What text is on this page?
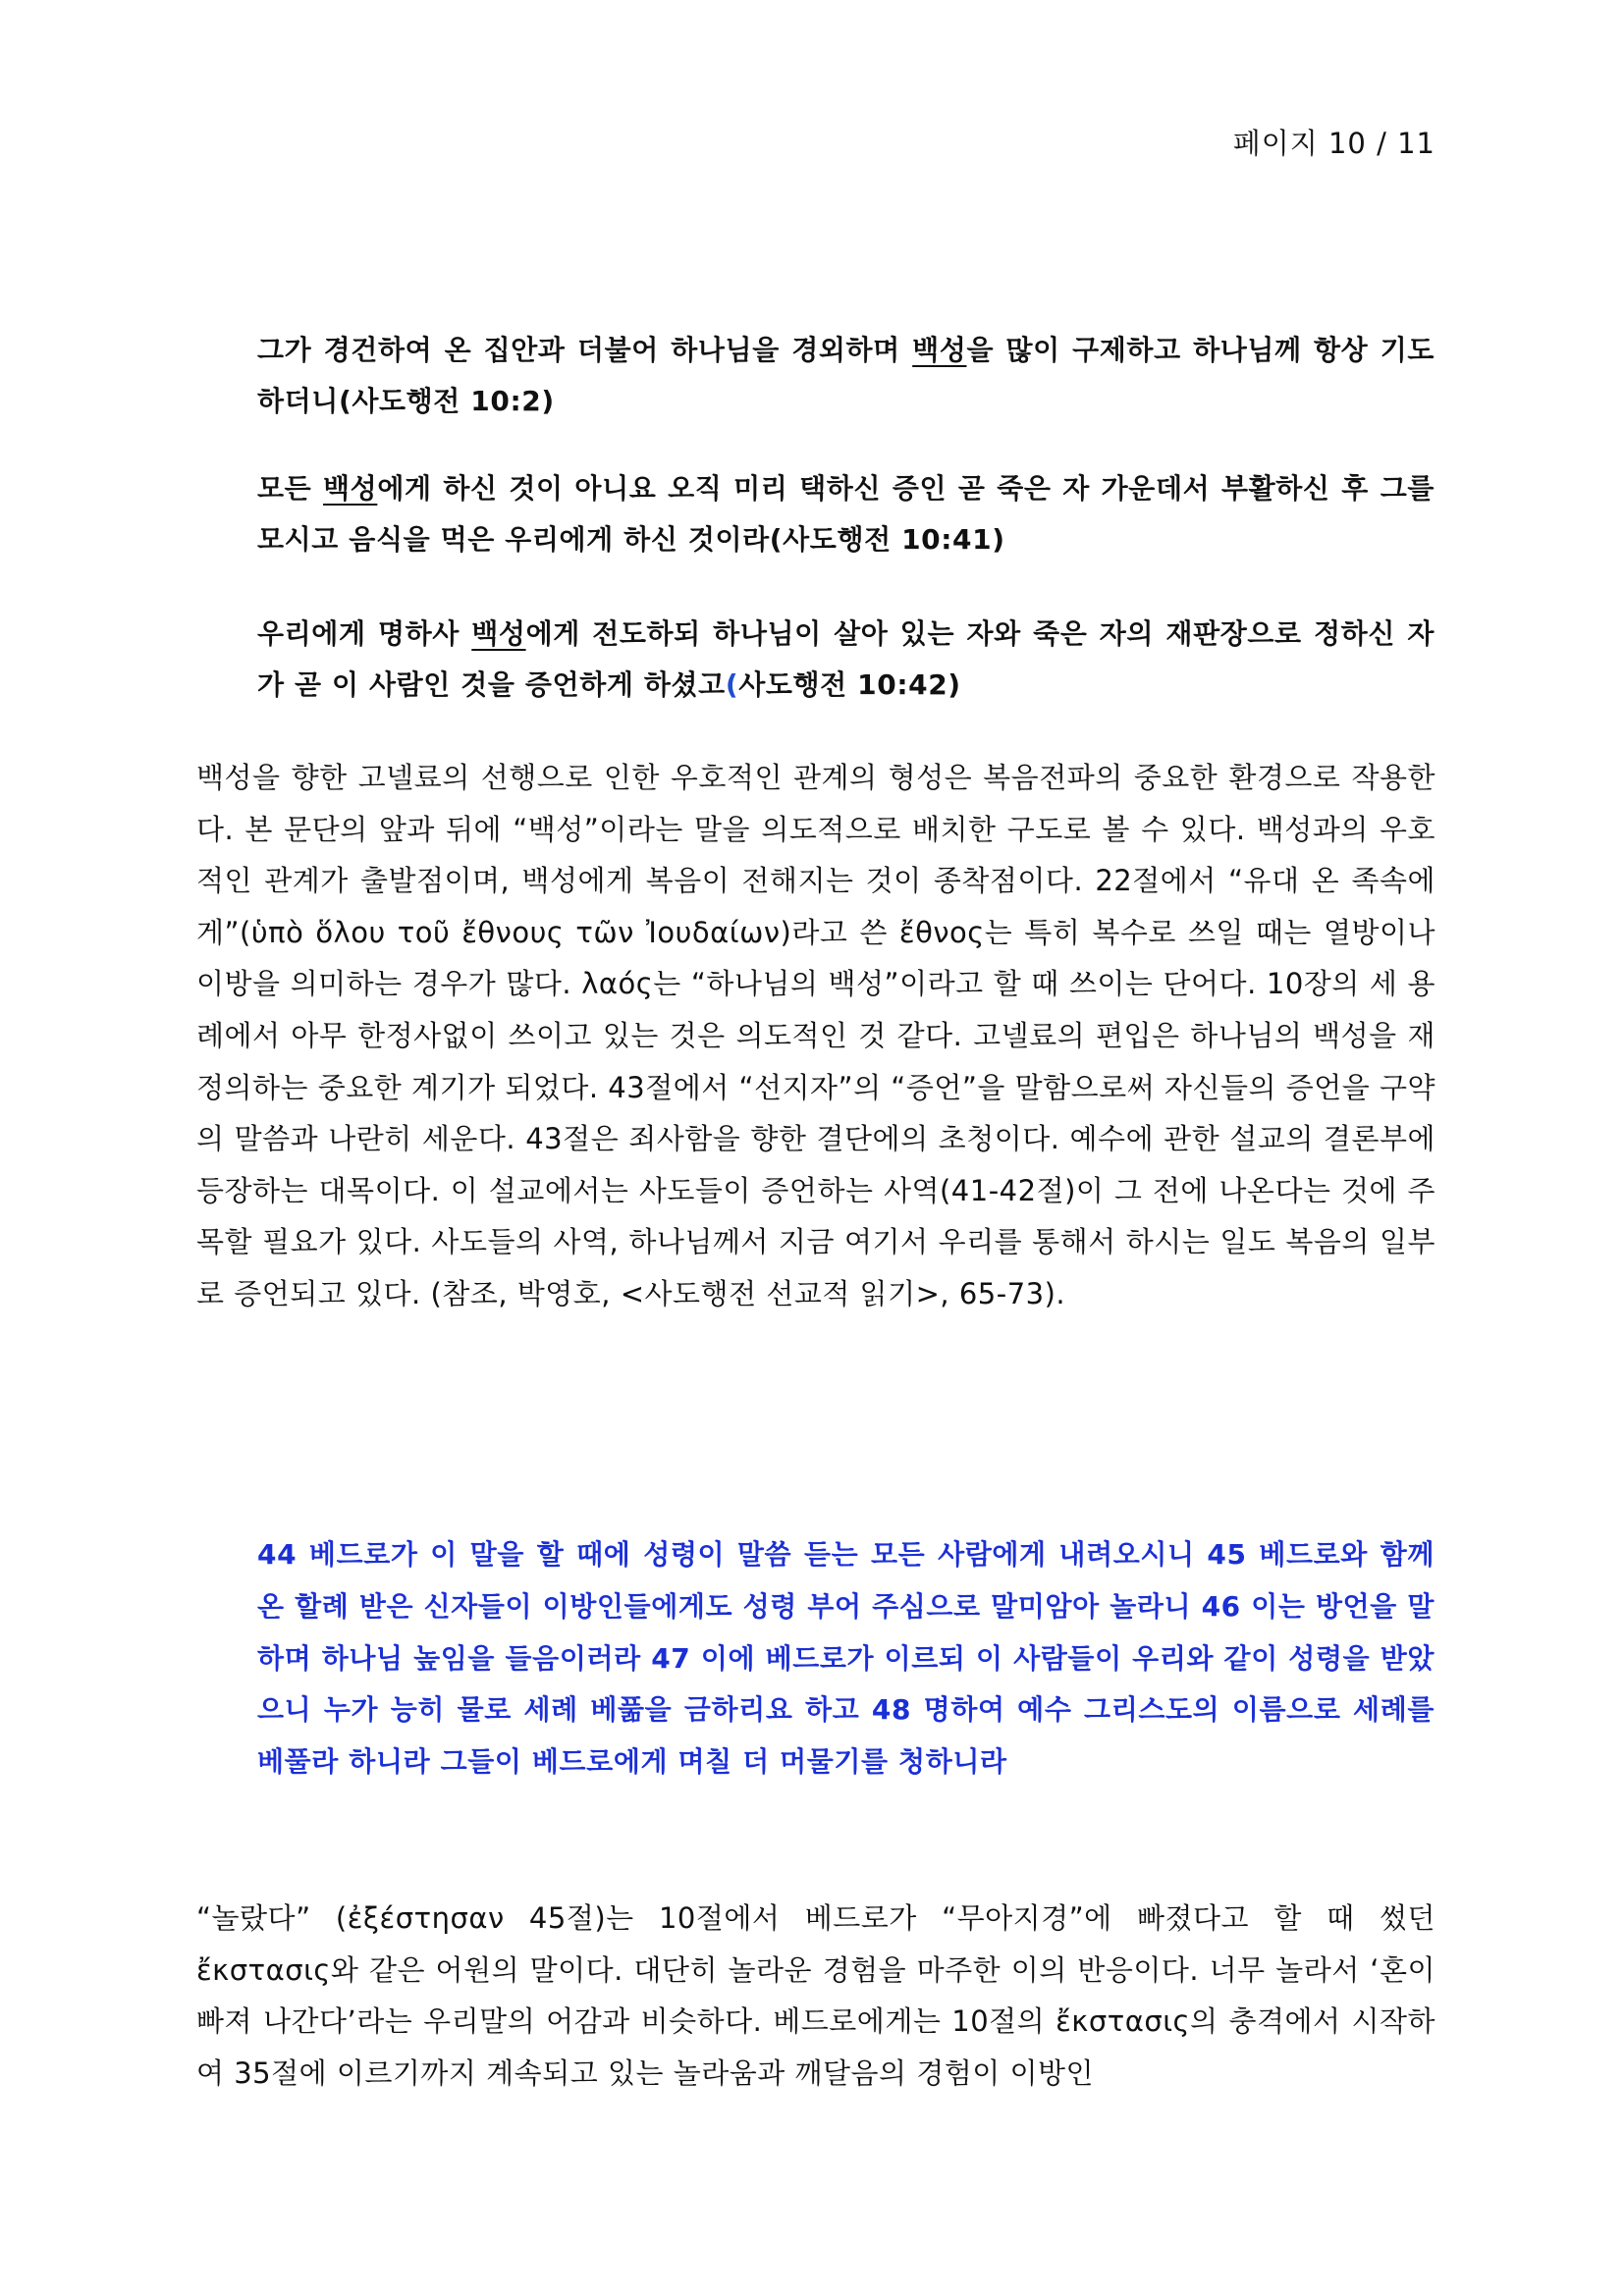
페이지 10 / 11
그가 경건하여 온 집안과 더불어 하나님을 경외하며 백성을 많이 구제하고 하나님께 항상 기도하더니(사도행전 10:2)
모든 백성에게 하신 것이 아니요 오직 미리 택하신 증인 곧 죽은 자 가운데서 부활하신 후 그를 모시고 음식을 먹은 우리에게 하신 것이라(사도행전 10:41)
우리에게 명하사 백성에게 전도하되 하나님이 살아 있는 자와 죽은 자의 재판장으로 정하신 자가 곧 이 사람인 것을 증언하게 하셨고(사도행전 10:42)
백성을 향한 고넬료의 선행으로 인한 우호적인 관계의 형성은 복음전파의 중요한 환경으로 작용한다. 본 문단의 앞과 뒤에 “백성”이라는 말을 의도적으로 배치한 구도로 볼 수 있다. 백성과의 우호적인 관계가 출발점이며, 백성에게 복음이 전해지는 것이 종착점이다. 22절에서 “유대 온 족속에게”(ὑπὸ ὅλου τοῦ ἔθνους τῶν Ἰουδαίων)라고 쓴 ἔθνος는 특히 복수로 쓰일 때는 열방이나 이방을 의미하는 경우가 많다. λαός는 “하나님의 백성”이라고 할 때 쓰이는 단어다. 10장의 세 용례에서 아무 한정사없이 쓰이고 있는 것은 의도적인 것 같다. 고넬료의 편입은 하나님의 백성을 재정의하는 중요한 계기가 되었다. 43절에서 “선지자”의 “증언”을 말함으로써 자신들의 증언을 구약의 말씀과 나란히 세운다. 43절은 죄사함을 향한 결단에의 초청이다. 예수에 관한 설교의 결론부에 등장하는 대목이다. 이 설교에서는 사도들이 증언하는 사역(41-42절)이 그 전에 나온다는 것에 주목할 필요가 있다. 사도들의 사역, 하나님께서 지금 여기서 우리를 통해서 하시는 일도 복음의 일부로 증언되고 있다. (참조, 박영호, <사도행전 선교적 읽기>, 65-73).
44 베드로가 이 말을 할 때에 성령이 말씀 듣는 모든 사람에게 내려오시니 45 베드로와 함께 온 할례 받은 신자들이 이방인들에게도 성령 부어 주심으로 말미암아 놀라니 46 이는 방언을 말하며 하나님 높임을 들음이러라 47 이에 베드로가 이르되 이 사람들이 우리와 같이 성령을 받았으니 누가 능히 물로 세례 베풂을 금하리요 하고 48 명하여 예수 그리스도의 이름으로 세례를 베풀라 하니라 그들이 베드로에게 며칠 더 머물기를 청하니라
“놀랐다” (ἐξέστησαν 45절)는 10절에서 베드로가 “무아지경”에 빠졌다고 할 때 썼던 ἔκστασις와 같은 어원의 말이다. 대단히 놀라운 경험을 마주한 이의 반응이다. 너무 놀라서 ‘혼이 빠져 나간다’라는 우리말의 어감과 비슷하다. 베드로에게는 10절의 ἔκστασις의 충격에서 시작하여 35절에 이르기까지 계속되고 있는 놀라움과 깨달음의 경험이 이방인
